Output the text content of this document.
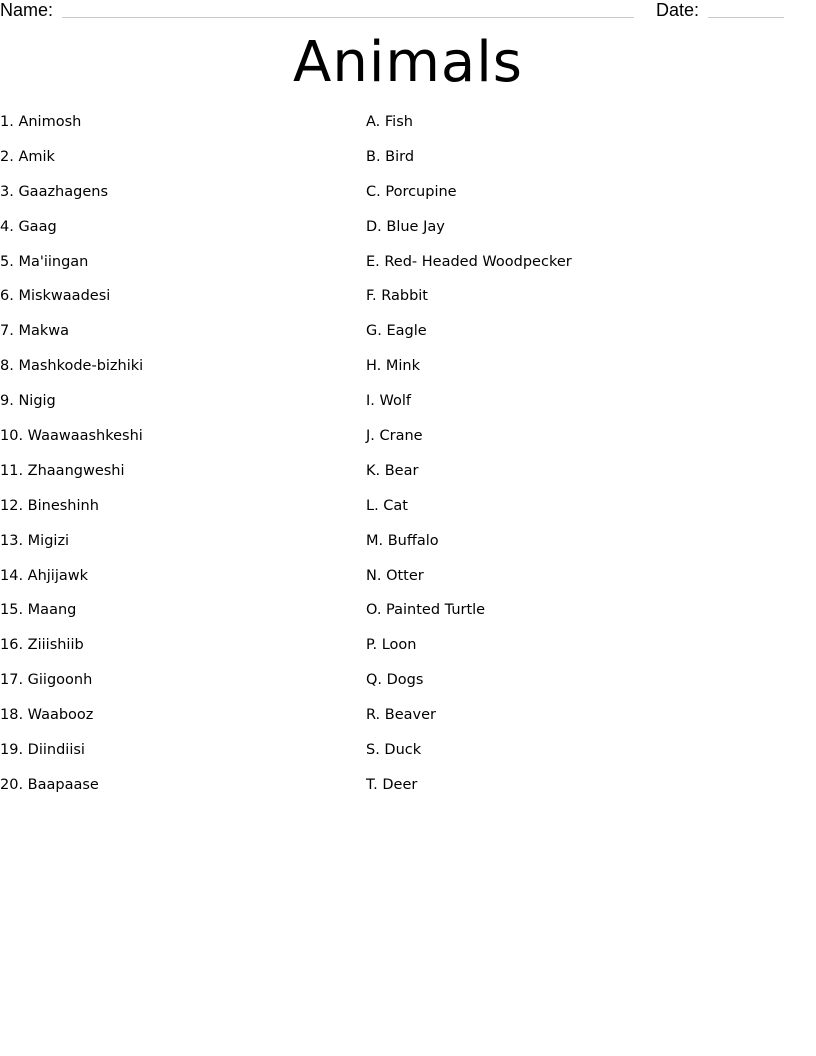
Name:	Date:
Animals
1. Animosh
2. Amik
3. Gaazhagens
4. Gaag
5. Ma'iingan
6. Miskwaadesi
7. Makwa
8. Mashkode-bizhiki
9. Nigig
10. Waawaashkeshi
11. Zhaangweshi
12. Bineshinh
13. Migizi
14. Ahjijawk
15. Maang
16. Ziiishiib
17. Giigoonh
18. Waabooz
19. Diindiisi
20. Baapaase
A. Fish
B. Bird
C. Porcupine
D. Blue Jay
E. Red- Headed Woodpecker
F. Rabbit
G. Eagle
H. Mink
I. Wolf
J. Crane
K. Bear
L. Cat
M. Buffalo
N. Otter
O. Painted Turtle
P. Loon
Q. Dogs
R. Beaver
S. Duck
T. Deer
